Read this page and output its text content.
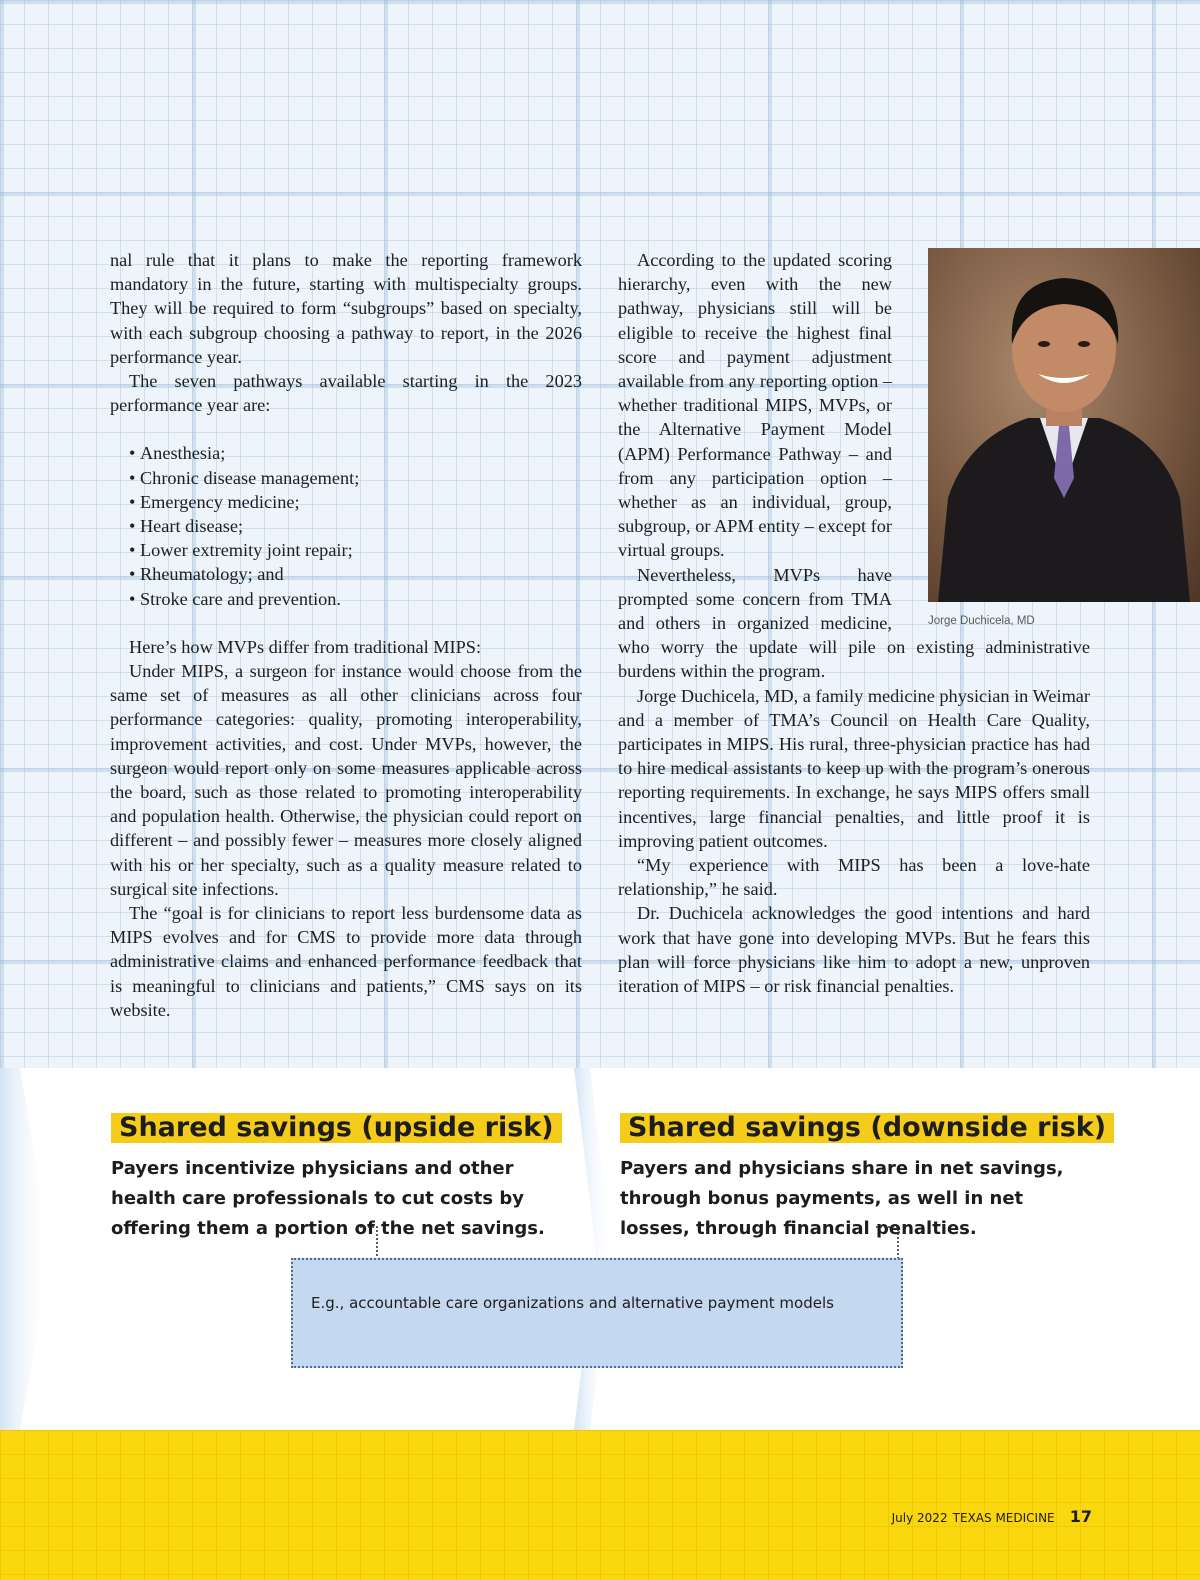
nal rule that it plans to make the reporting framework mandatory in the future, starting with multispecialty groups. They will be required to form “subgroups” based on specialty, with each subgroup choosing a pathway to report, in the 2026 performance year.

The seven pathways available starting in the 2023 performance year are:

• Anesthesia;
• Chronic disease management;
• Emergency medicine;
• Heart disease;
• Lower extremity joint repair;
• Rheumatology; and
• Stroke care and prevention.

Here’s how MVPs differ from traditional MIPS:

Under MIPS, a surgeon for instance would choose from the same set of measures as all other clinicians across four performance categories: quality, promoting interoperability, improvement activities, and cost. Under MVPs, however, the surgeon would report only on some measures applicable across the board, such as those related to promoting interoperability and population health. Otherwise, the physician could report on different – and possibly fewer – measures more closely aligned with his or her specialty, such as a quality measure related to surgical site infections.

The “goal is for clinicians to report less burdensome data as MIPS evolves and for CMS to provide more data through administrative claims and enhanced performance feedback that is meaningful to clinicians and patients,” CMS says on its website.

Jorge Duchicela, MD

According to the updated scoring hierarchy, even with the new pathway, physicians still will be eligible to receive the highest final score and payment adjustment available from any reporting option – whether traditional MIPS, MVPs, or the Alternative Payment Model (APM) Performance Pathway – and from any participation option – whether as an individual, group, subgroup, or APM entity – except for virtual groups.

Nevertheless, MVPs have prompted some concern from TMA and others in organized medicine, who worry the update will pile on existing administrative burdens within the program.

Jorge Duchicela, MD, a family medicine physician in Weimar and a member of TMA’s Council on Health Care Quality, participates in MIPS. His rural, three-physician practice has had to hire medical assistants to keep up with the program’s onerous reporting requirements. In exchange, he says MIPS offers small incentives, large financial penalties, and little proof it is improving patient outcomes.

“My experience with MIPS has been a love-hate relationship,” he said.

Dr. Duchicela acknowledges the good intentions and hard work that have gone into developing MVPs. But he fears this plan will force physicians like him to adopt a new, unproven iteration of MIPS – or risk financial penalties.

Shared savings (upside risk)

Payers incentivize physicians and other health care professionals to cut costs by offering them a portion of the net savings.

Shared savings (downside risk)

Payers and physicians share in net savings, through bonus payments, as well in net losses, through financial penalties.

E.g., accountable care organizations and alternative payment models
July 2022 TEXAS MEDICINE 17
